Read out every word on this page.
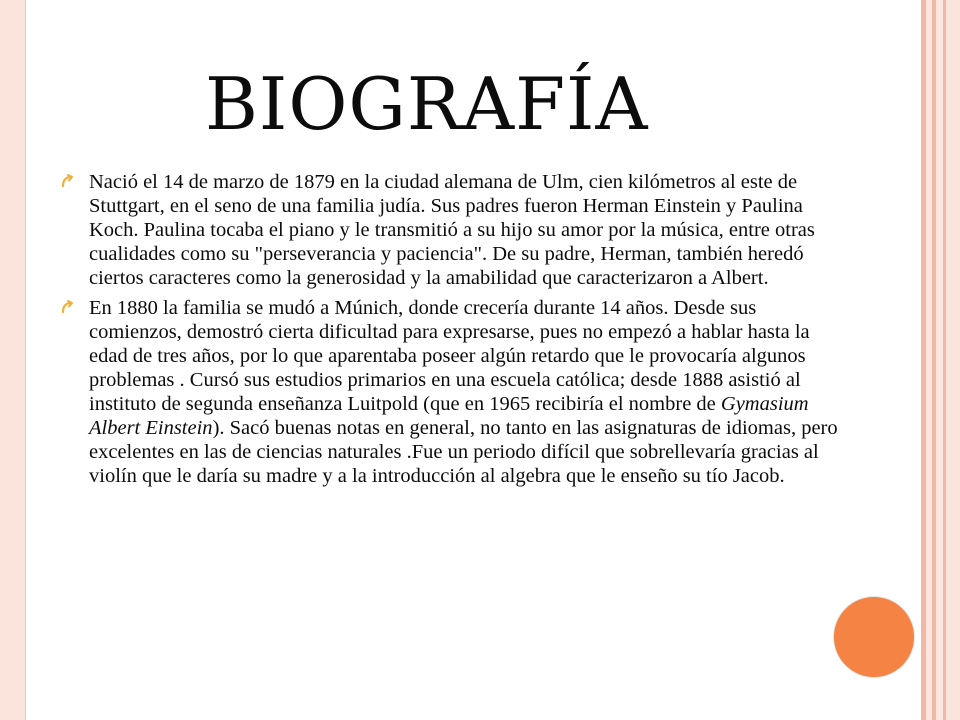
BIOGRAFÍA
Nació el 14 de marzo de 1879 en la ciudad alemana de Ulm, cien kilómetros al este de Stuttgart, en el seno de una familia judía. Sus padres fueron Herman Einstein y Paulina Koch. Paulina tocaba el piano y le transmitió a su hijo su amor por la música, entre otras cualidades como su "perseverancia y paciencia". De su padre, Herman, también heredó ciertos caracteres como la generosidad y la amabilidad que caracterizaron a Albert.
En 1880 la familia se mudó a Múnich, donde crecería durante 14 años. Desde sus comienzos, demostró cierta dificultad para expresarse, pues no empezó a hablar hasta la edad de tres años, por lo que aparentaba poseer algún retardo que le provocaría algunos problemas . Cursó sus estudios primarios en una escuela católica; desde 1888 asistió al instituto de segunda enseñanza Luitpold (que en 1965 recibiría el nombre de Gymasium Albert Einstein). Sacó buenas notas en general, no tanto en las asignaturas de idiomas, pero excelentes en las de ciencias naturales .Fue un periodo difícil que sobrellevaría gracias al violín que le daría su madre y a la introducción al algebra que le enseño su tío Jacob.
